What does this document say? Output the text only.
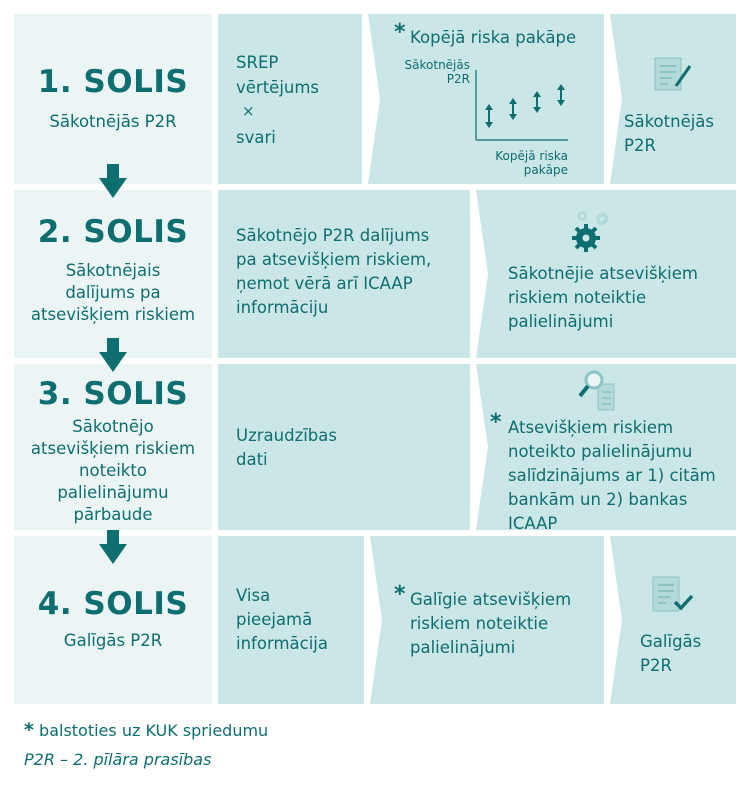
1. SOLIS
Sākotnējās P2R
2. SOLIS
Sākotnējais
dalījums pa
atsevišķiem riskiem
3. SOLIS
Sākotnējo
atsevišķiem riskiem
noteikto
palielinājumu
pārbaude
4. SOLIS
Galīgās P2R
SREP
vērtējums
×
svari
* Kopējā riska pakāpe
Sākotnējās
P2R
Kopējā riska
pakāpe
Sākotnējās
P2R
Sākotnējo P2R dalījums
pa atsevišķiem riskiem,
ņemot vērā arī ICAAP
informāciju
Sākotnējie atsevišķiem
riskiem noteiktie
palielinājumi
Uzraudzības
dati
* Atsevišķiem riskiem
noteikto palielinājumu
salīdzinājums ar 1) citām
bankām un 2) bankas
ICAAP
Visa
pieejamā
informācija
* Galīgie atsevišķiem
riskiem noteiktie
palielinājumi	Galīgās
P2R
* balstoties uz KUK spriedumu
P2R – 2. pīlāra prasības
